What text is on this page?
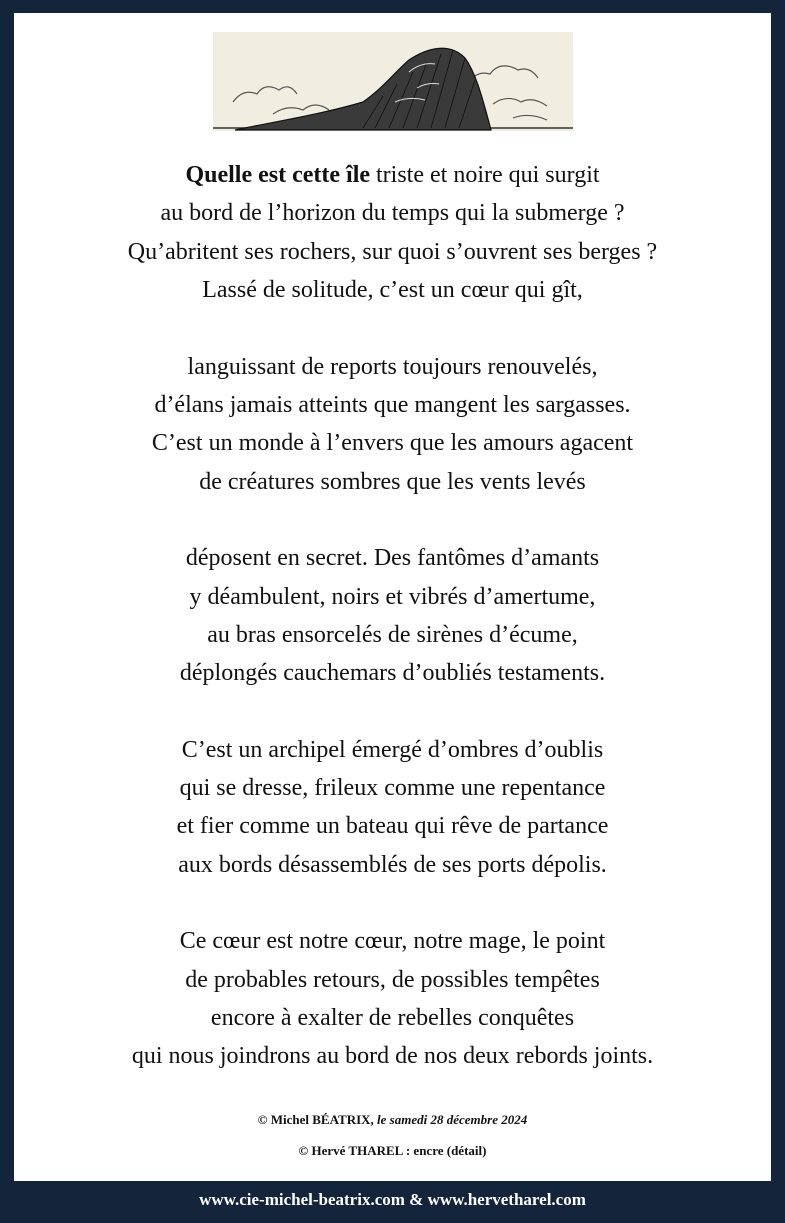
Quelle est cette île triste et noire qui surgit
au bord de l’horizon du temps qui la submerge ?
Qu’abritent ses rochers, sur quoi s’ouvrent ses berges ?
Lassé de solitude, c’est un cœur qui gît,
languissant de reports toujours renouvelés,
d’élans jamais atteints que mangent les sargasses.
C’est un monde à l’envers que les amours agacent
de créatures sombres que les vents levés
déposent en secret. Des fantômes d’amants
y déambulent, noirs et vibrés d’amertume,
au bras ensorcelés de sirènes d’écume,
déplongés cauchemars d’oubliés testaments.
C’est un archipel émergé d’ombres d’oublis
qui se dresse, frileux comme une repentance
et fier comme un bateau qui rêve de partance
aux bords désassemblés de ses ports dépolis.
Ce cœur est notre cœur, notre mage, le point
de probables retours, de possibles tempêtes
encore à exalter de rebelles conquêtes
qui nous joindrons au bord de nos deux rebords joints.
© Michel BÉATRIX, le samedi 28 décembre 2024
© Hervé THAREL : encre (détail)
www.cie-michel-beatrix.com & www.hervetharel.com
